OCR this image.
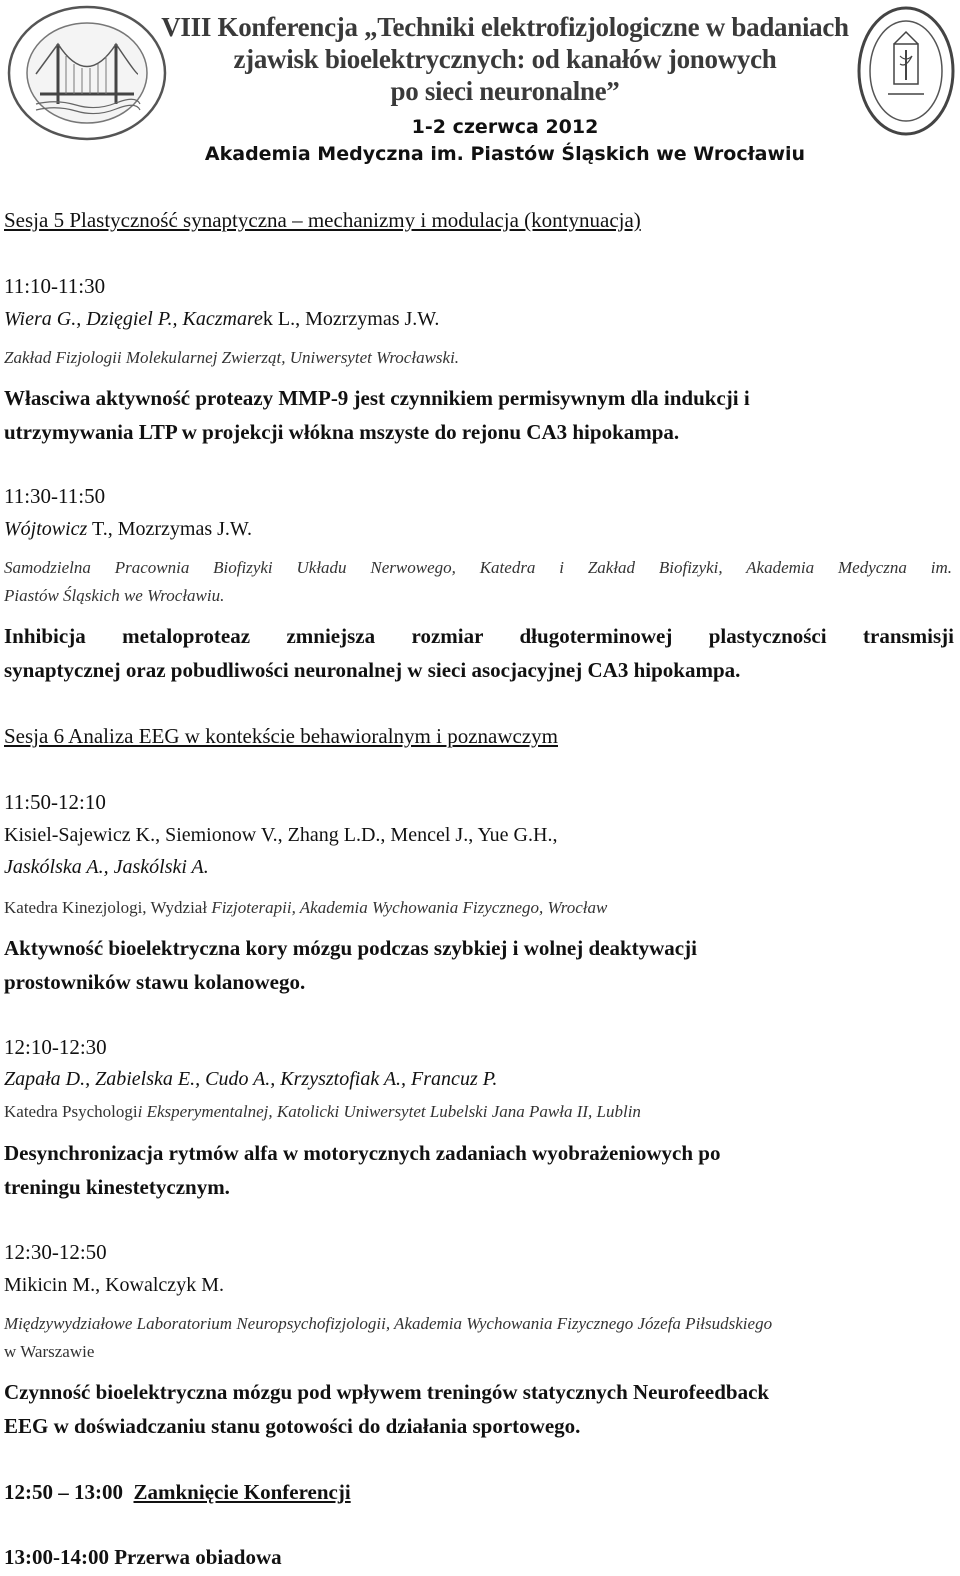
VIII Konferencja „Techniki elektrofizjologiczne w badaniach
zjawisk bioelektrycznych: od kanałów jonowych
po sieci neuronalne”
1-2 czerwca 2012
Akademia Medyczna im. Piastów Śląskich we Wrocławiu
Sesja 5 Plastyczność synaptyczna – mechanizmy i modulacja (kontynuacja)
11:10-11:30
Wiera G., Dzięgiel P., Kaczmarek L., Mozrzymas J.W.
Zakład Fizjologii Molekularnej Zwierząt, Uniwersytet Wrocławski.
Własciwa aktywność proteazy MMP-9 jest czynnikiem permisywnym dla indukcji i
utrzymywania LTP w projekcji włókna mszyste do rejonu CA3 hipokampa.
11:30-11:50
Wójtowicz T., Mozrzymas J.W.
Samodzielna Pracownia Biofizyki Układu Nerwowego, Katedra i Zakład Biofizyki, Akademia Medyczna im.
Piastów Śląskich we Wrocławiu.
Inhibicja metaloproteaz zmniejsza rozmiar długoterminowej plastyczności transmisji
synaptycznej oraz pobudliwości neuronalnej w sieci asocjacyjnej CA3 hipokampa.
Sesja 6 Analiza EEG w kontekście behawioralnym i poznawczym
11:50-12:10
Kisiel-Sajewicz K., Siemionow V., Zhang L.D., Mencel J., Yue G.H.,
Jaskólska A., Jaskólski A.
Katedra Kinezjologi, Wydział Fizjoterapii, Akademia Wychowania Fizycznego, Wrocław
Aktywność bioelektryczna kory mózgu podczas szybkiej i wolnej deaktywacji
prostowników stawu kolanowego.
12:10-12:30
Zapała D., Zabielska E., Cudo A., Krzysztofiak A., Francuz P.
Katedra Psychologii Eksperymentalnej, Katolicki Uniwersytet Lubelski Jana Pawła II, Lublin
Desynchronizacja rytmów alfa w motorycznych zadaniach wyobrażeniowych po
treningu kinestetycznym.
12:30-12:50
Mikicin M., Kowalczyk M.
Międzywydziałowe Laboratorium Neuropsychofizjologii, Akademia Wychowania Fizycznego Józefa Piłsudskiego
w Warszawie
Czynność bioelektryczna mózgu pod wpływem treningów statycznych Neurofeedback
EEG w doświadczaniu stanu gotowości do działania sportowego.
12:50 – 13:00 Zamknięcie Konferencji
13:00-14:00 Przerwa obiadowa
